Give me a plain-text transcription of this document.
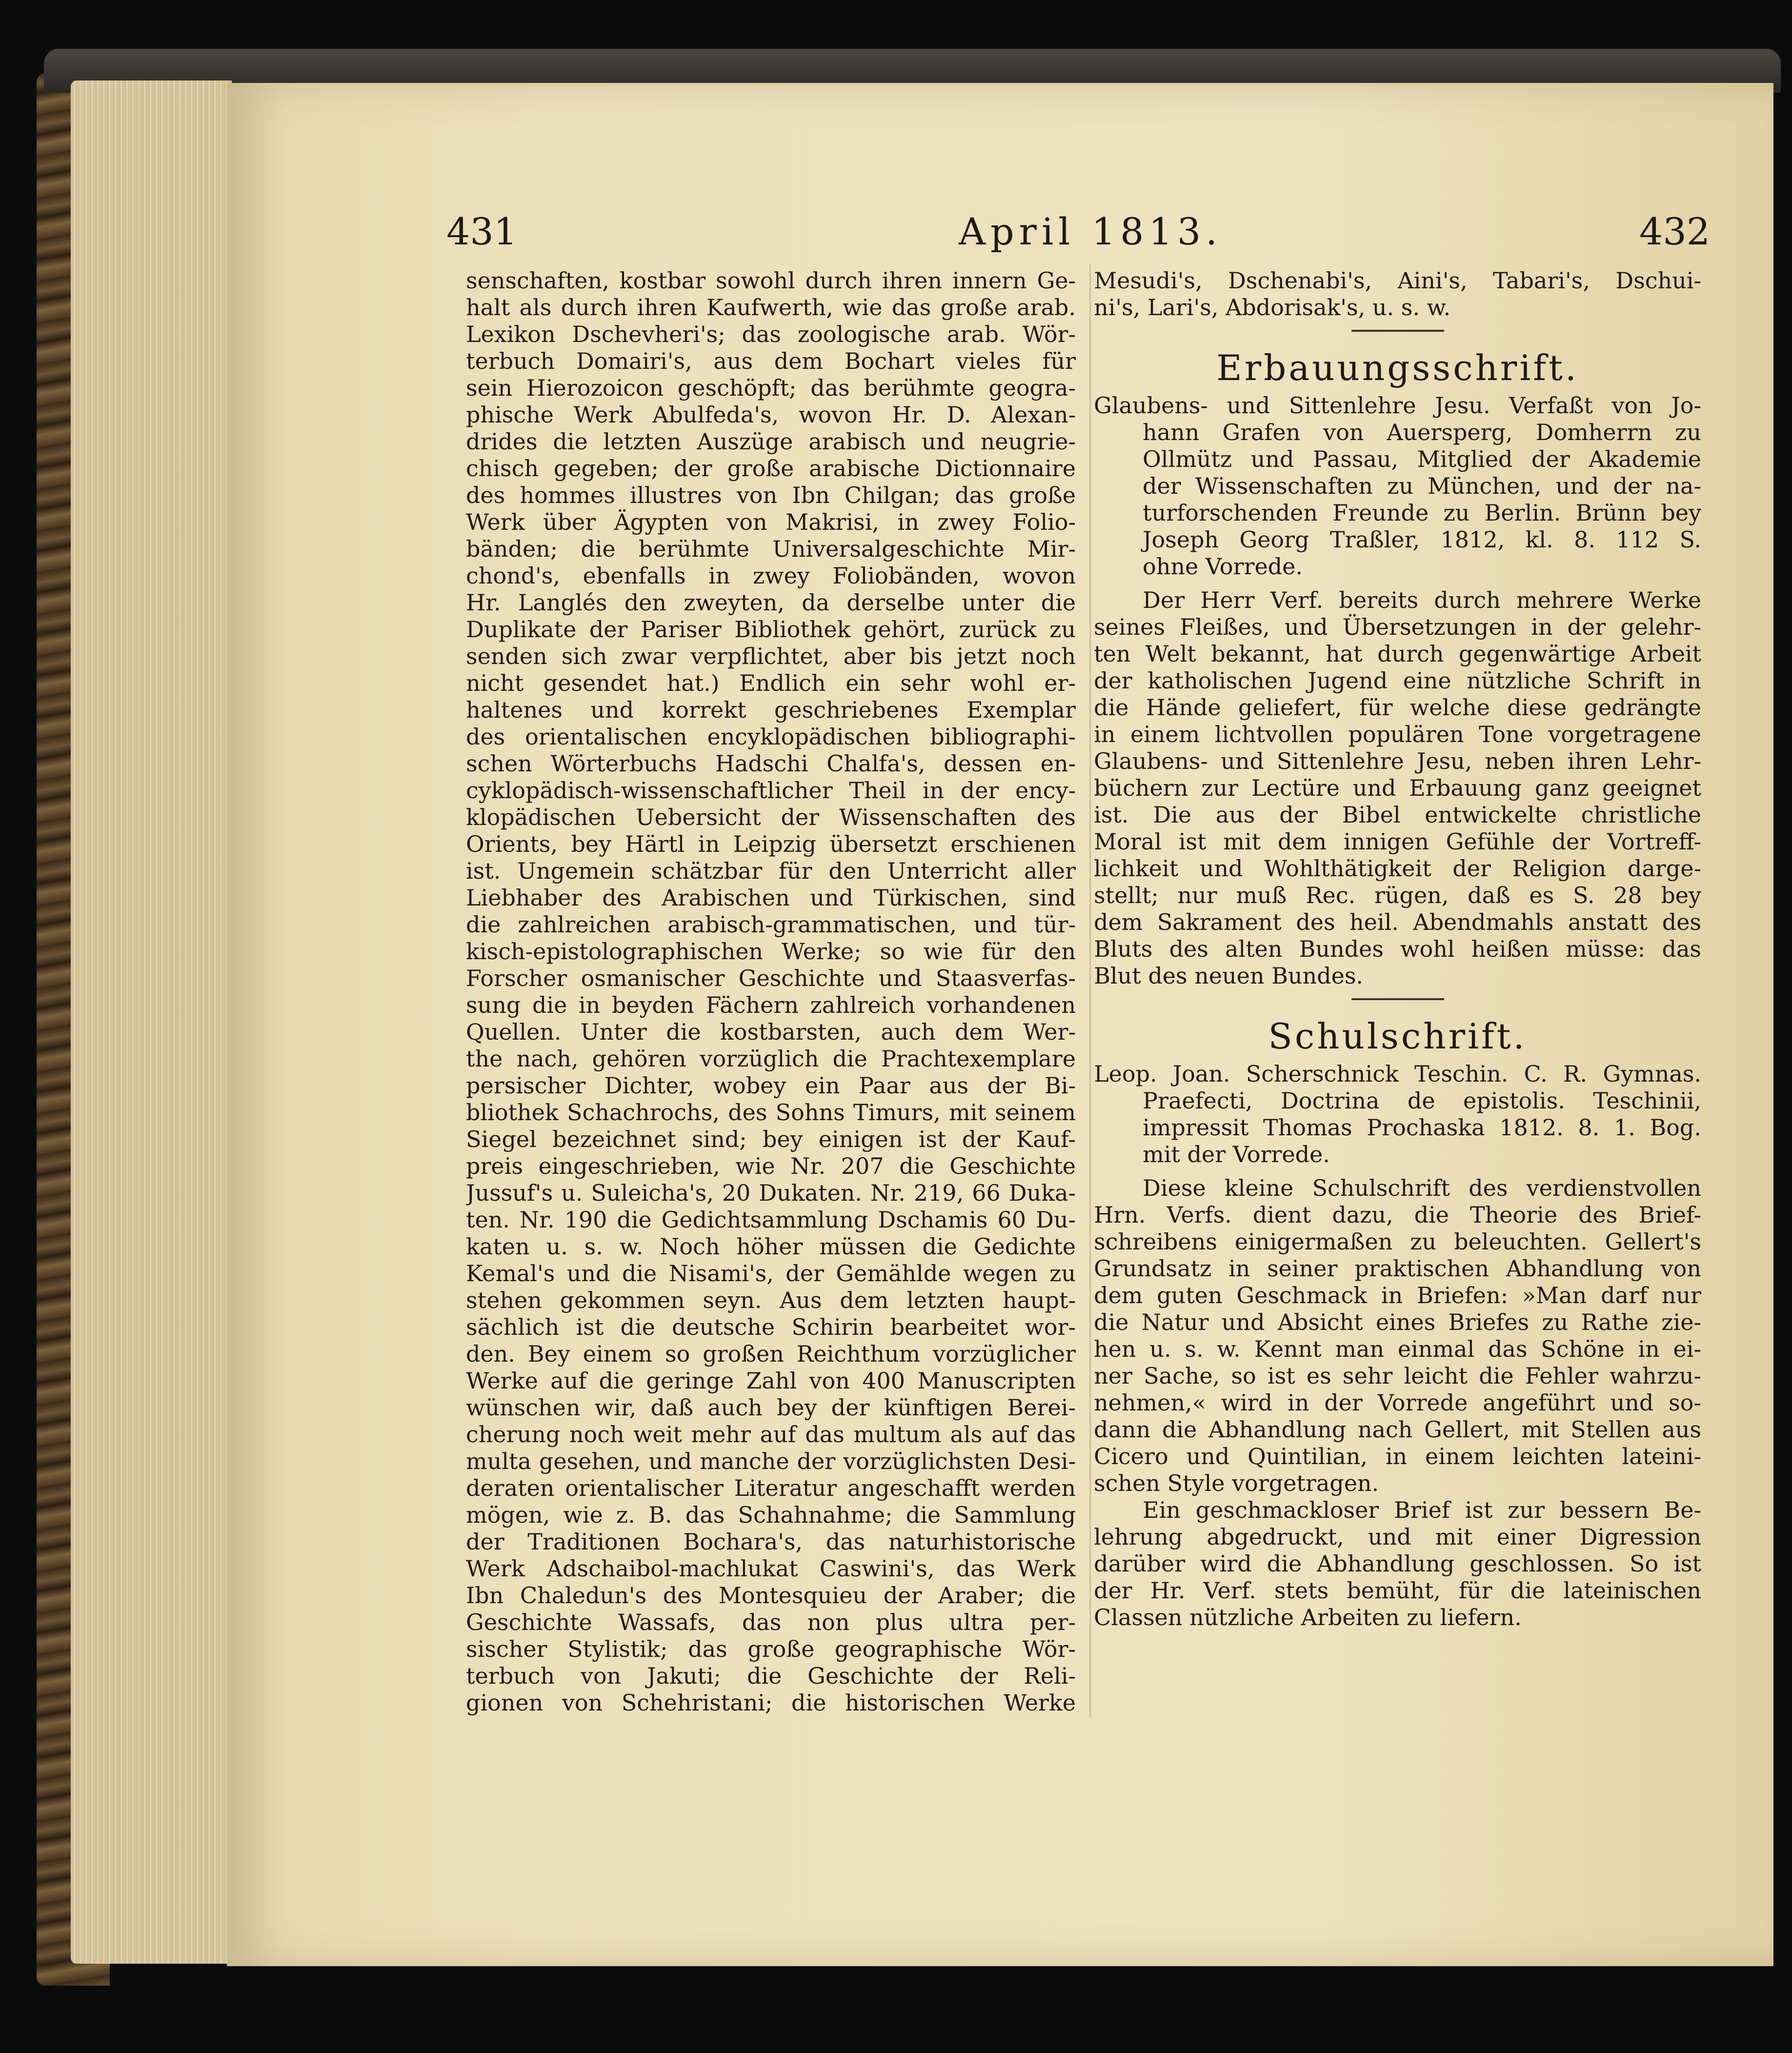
431	April 1813.	432
senschaften, kostbar sowohl durch ihren innern Ge-
halt als durch ihren Kaufwerth, wie das große arab.
Lexikon Dschevheri's; das zoologische arab. Wör-
terbuch Domairi's, aus dem Bochart vieles für
sein Hierozoicon geschöpft; das berühmte geogra-
phische Werk Abulfeda's, wovon Hr. D. Alexan-
drides die letzten Auszüge arabisch und neugrie-
chisch gegeben; der große arabische Dictionnaire
des hommes illustres von Ibn Chilgan; das große
Werk über Ägypten von Makrisi, in zwey Folio-
bänden; die berühmte Universalgeschichte Mir-
chond's, ebenfalls in zwey Foliobänden, wovon
Hr. Langlés den zweyten, da derselbe unter die
Duplikate der Pariser Bibliothek gehört, zurück zu
senden sich zwar verpflichtet, aber bis jetzt noch
nicht gesendet hat.) Endlich ein sehr wohl er-
haltenes und korrekt geschriebenes Exemplar
des orientalischen encyklopädischen bibliographi-
schen Wörterbuchs Hadschi Chalfa's, dessen en-
cyklopädisch-wissenschaftlicher Theil in der ency-
klopädischen Uebersicht der Wissenschaften des
Orients, bey Härtl in Leipzig übersetzt erschienen
ist. Ungemein schätzbar für den Unterricht aller
Liebhaber des Arabischen und Türkischen, sind
die zahlreichen arabisch-grammatischen, und tür-
kisch-epistolographischen Werke; so wie für den
Forscher osmanischer Geschichte und Staasverfas-
sung die in beyden Fächern zahlreich vorhandenen
Quellen. Unter die kostbarsten, auch dem Wer-
the nach, gehören vorzüglich die Prachtexemplare
persischer Dichter, wobey ein Paar aus der Bi-
bliothek Schachrochs, des Sohns Timurs, mit seinem
Siegel bezeichnet sind; bey einigen ist der Kauf-
preis eingeschrieben, wie Nr. 207 die Geschichte
Jussuf's u. Suleicha's, 20 Dukaten. Nr. 219, 66 Duka-
ten. Nr. 190 die Gedichtsammlung Dschamis 60 Du-
katen u. s. w. Noch höher müssen die Gedichte
Kemal's und die Nisami's, der Gemählde wegen zu
stehen gekommen seyn. Aus dem letzten haupt-
sächlich ist die deutsche Schirin bearbeitet wor-
den. Bey einem so großen Reichthum vorzüglicher
Werke auf die geringe Zahl von 400 Manuscripten
wünschen wir, daß auch bey der künftigen Berei-
cherung noch weit mehr auf das multum als auf das
multa gesehen, und manche der vorzüglichsten Desi-
deraten orientalischer Literatur angeschafft werden
mögen, wie z. B. das Schahnahme; die Sammlung
der Traditionen Bochara's, das naturhistorische
Werk Adschaibol-machlukat Caswini's, das Werk
Ibn Chaledun's des Montesquieu der Araber; die
Geschichte Wassafs, das non plus ultra per-
sischer Stylistik; das große geographische Wör-
terbuch von Jakuti; die Geschichte der Reli-
gionen von Schehristani; die historischen Werke
Mesudi's, Dschenabi's, Aini's, Tabari's, Dschui-
ni's, Lari's, Abdorisak's, u. s. w.
Erbauungsschrift.
Glaubens- und Sittenlehre Jesu. Verfaßt von Jo-
hann Grafen von Auersperg, Domherrn zu
Ollmütz und Passau, Mitglied der Akademie
der Wissenschaften zu München, und der na-
turforschenden Freunde zu Berlin. Brünn bey
Joseph Georg Traßler, 1812, kl. 8. 112 S.
ohne Vorrede.
Der Herr Verf. bereits durch mehrere Werke
seines Fleißes, und Übersetzungen in der gelehr-
ten Welt bekannt, hat durch gegenwärtige Arbeit
der katholischen Jugend eine nützliche Schrift in
die Hände geliefert, für welche diese gedrängte
in einem lichtvollen populären Tone vorgetragene
Glaubens- und Sittenlehre Jesu, neben ihren Lehr-
büchern zur Lectüre und Erbauung ganz geeignet
ist. Die aus der Bibel entwickelte christliche
Moral ist mit dem innigen Gefühle der Vortreff-
lichkeit und Wohlthätigkeit der Religion darge-
stellt; nur muß Rec. rügen, daß es S. 28 bey
dem Sakrament des heil. Abendmahls anstatt des
Bluts des alten Bundes wohl heißen müsse: das
Blut des neuen Bundes.
Schulschrift.
Leop. Joan. Scherschnick Teschin. C. R. Gymnas.
Praefecti, Doctrina de epistolis. Teschinii,
impressit Thomas Prochaska 1812. 8. 1. Bog.
mit der Vorrede.
Diese kleine Schulschrift des verdienstvollen
Hrn. Verfs. dient dazu, die Theorie des Brief-
schreibens einigermaßen zu beleuchten. Gellert's
Grundsatz in seiner praktischen Abhandlung von
dem guten Geschmack in Briefen: »Man darf nur
die Natur und Absicht eines Briefes zu Rathe zie-
hen u. s. w. Kennt man einmal das Schöne in ei-
ner Sache, so ist es sehr leicht die Fehler wahrzu-
nehmen,« wird in der Vorrede angeführt und so-
dann die Abhandlung nach Gellert, mit Stellen aus
Cicero und Quintilian, in einem leichten lateini-
schen Style vorgetragen.
Ein geschmackloser Brief ist zur bessern Be-
lehrung abgedruckt, und mit einer Digression
darüber wird die Abhandlung geschlossen. So ist
der Hr. Verf. stets bemüht, für die lateinischen
Classen nützliche Arbeiten zu liefern.
